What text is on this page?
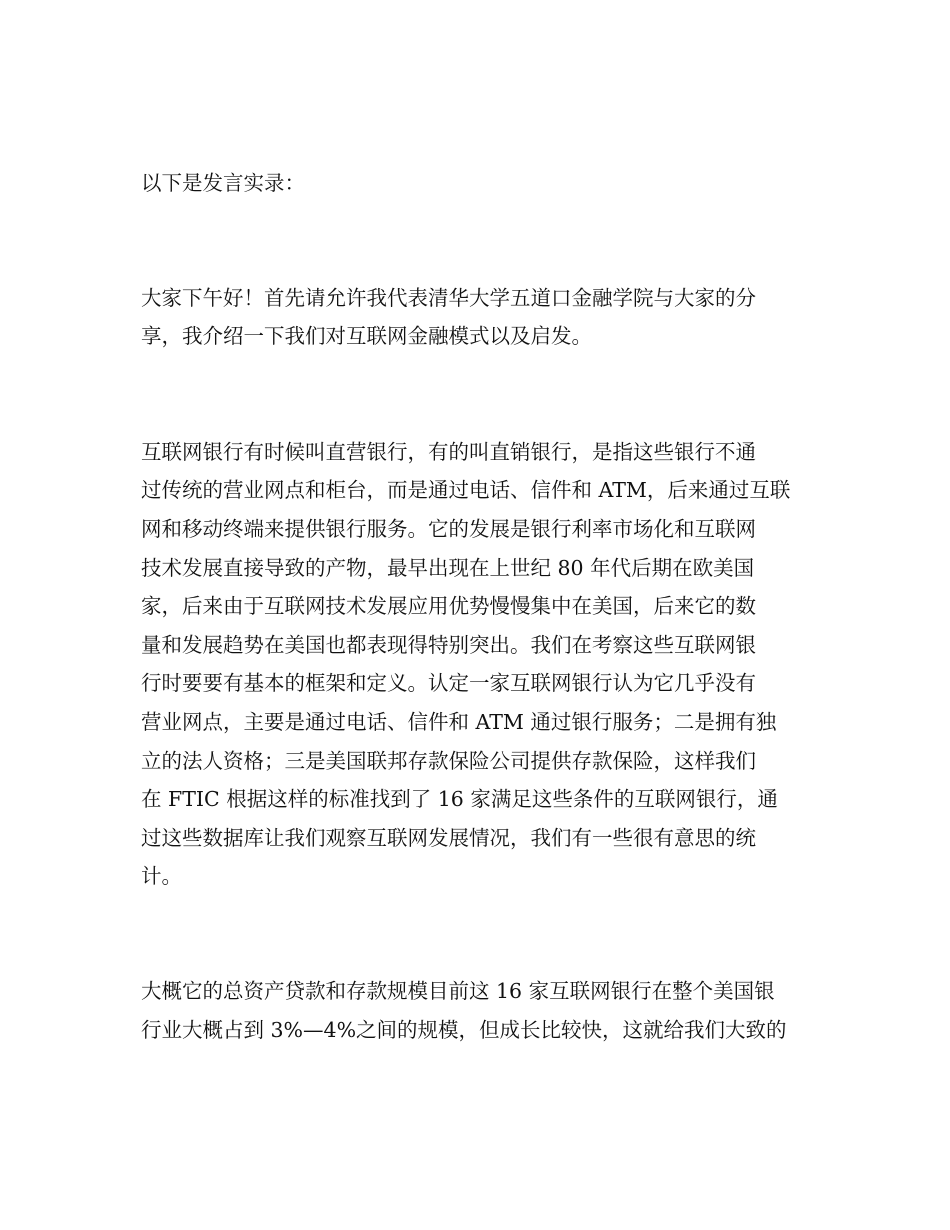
以下是发言实录：
大家下午好！首先请允许我代表清华大学五道口金融学院与大家的分
享，我介绍一下我们对互联网金融模式以及启发。
互联网银行有时候叫直营银行，有的叫直销银行，是指这些银行不通
过传统的营业网点和柜台，而是通过电话、信件和 ATM，后来通过互联
网和移动终端来提供银行服务。它的发展是银行利率市场化和互联网
技术发展直接导致的产物，最早出现在上世纪 80 年代后期在欧美国
家，后来由于互联网技术发展应用优势慢慢集中在美国，后来它的数
量和发展趋势在美国也都表现得特别突出。我们在考察这些互联网银
行时要要有基本的框架和定义。认定一家互联网银行认为它几乎没有
营业网点，主要是通过电话、信件和 ATM 通过银行服务；二是拥有独
立的法人资格；三是美国联邦存款保险公司提供存款保险，这样我们
在 FTIC 根据这样的标准找到了 16 家满足这些条件的互联网银行，通
过这些数据库让我们观察互联网发展情况，我们有一些很有意思的统
计。
大概它的总资产贷款和存款规模目前这 16 家互联网银行在整个美国银
行业大概占到 3%—4%之间的规模，但成长比较快，这就给我们大致的
